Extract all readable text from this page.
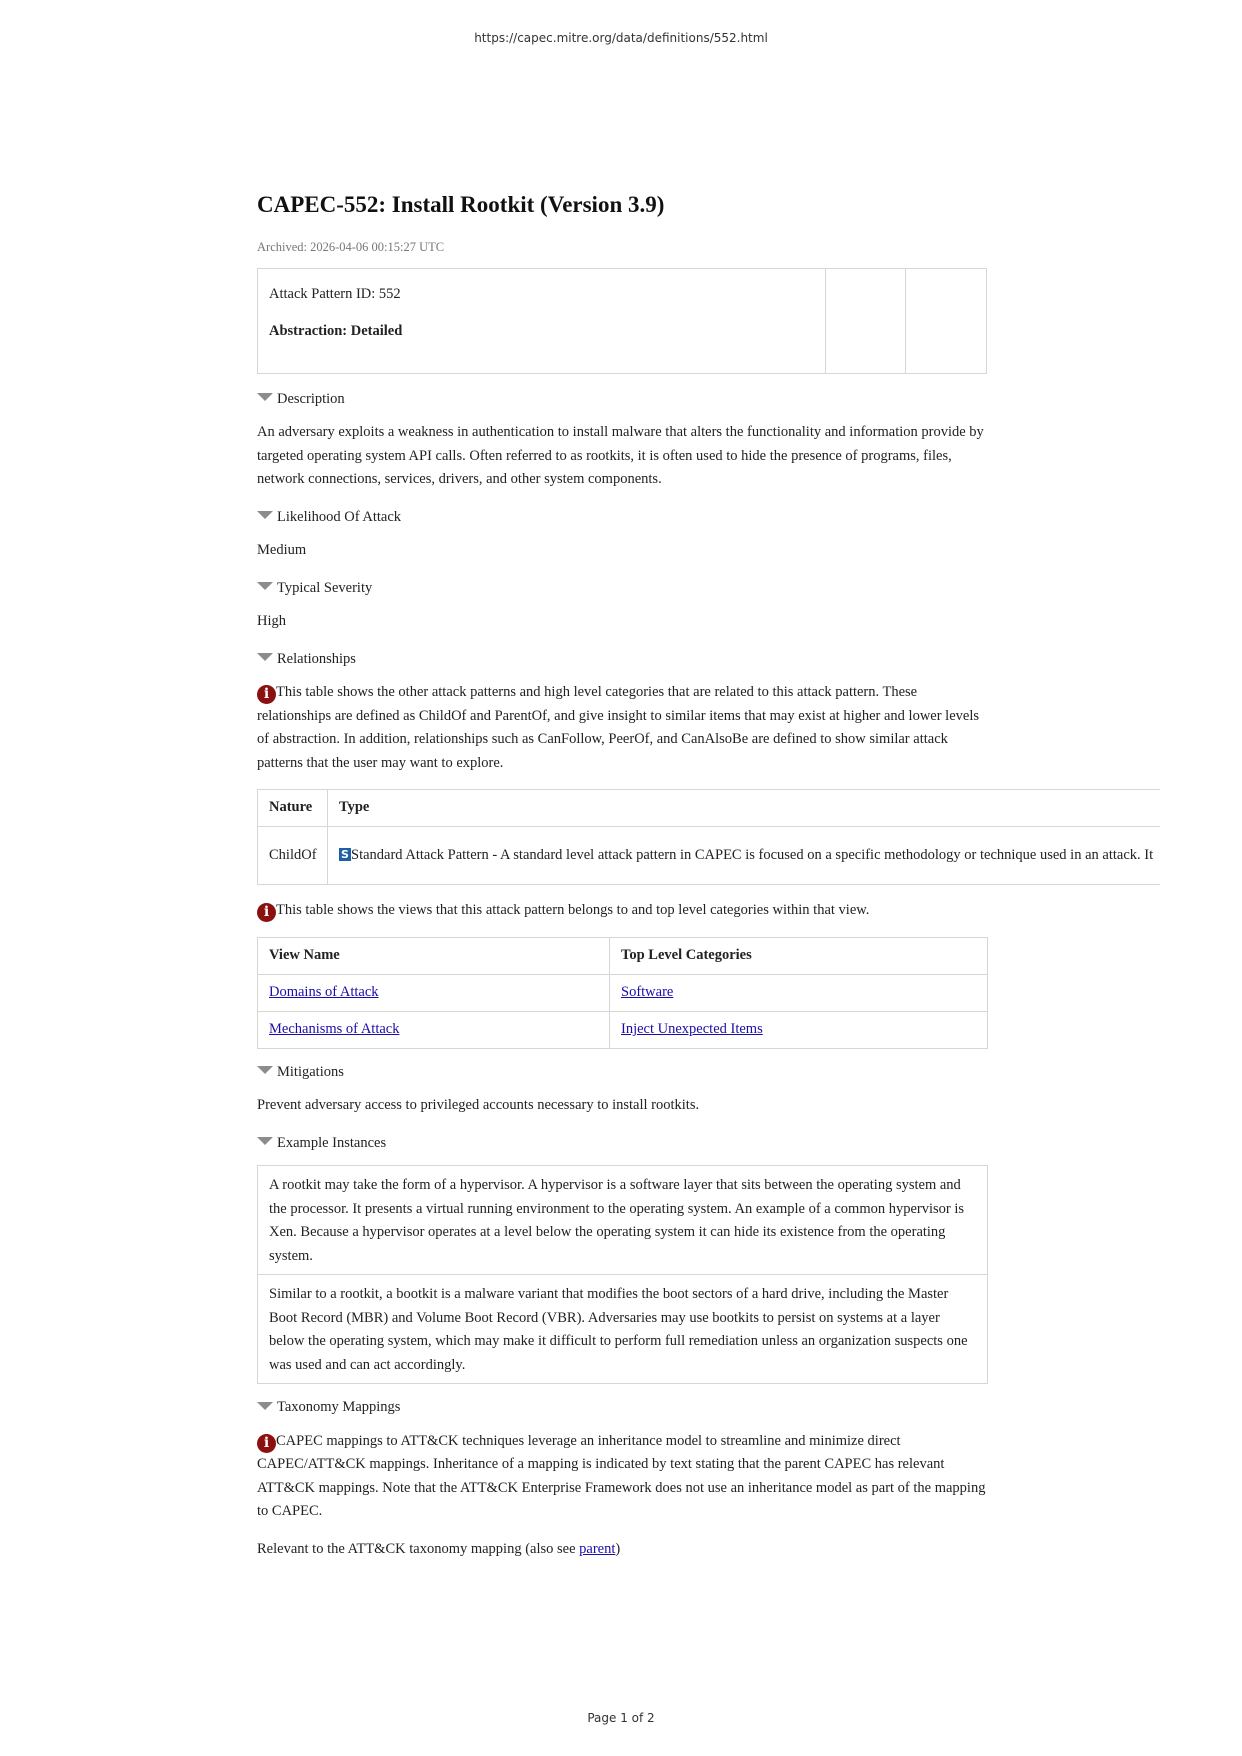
https://capec.mitre.org/data/definitions/552.html
CAPEC-552: Install Rootkit (Version 3.9)
Archived: 2026-04-06 00:15:27 UTC

Attack Pattern ID: 552

Abstraction: Detailed

Description

An adversary exploits a weakness in authentication to install malware that alters the functionality and information provide by targeted operating system API calls. Often referred to as rootkits, it is often used to hide the presence of programs, files, network connections, services, drivers, and other system components.

Likelihood Of Attack

Medium

Typical Severity

High

Relationships

i This table shows the other attack patterns and high level categories that are related to this attack pattern. These relationships are defined as ChildOf and ParentOf, and give insight to similar items that may exist at higher and lower levels of abstraction. In addition, relationships such as CanFollow, PeerOf, and CanAlsoBe are defined to show similar attack patterns that the user may want to explore.

Nature	Type
ChildOf	S Standard Attack Pattern - A standard level attack pattern in CAPEC is focused on a specific methodology or technique used in an attack. It

i This table shows the views that this attack pattern belongs to and top level categories within that view.

View Name	Top Level Categories
Domains of Attack	Software
Mechanisms of Attack	Inject Unexpected Items
Mitigations

Prevent adversary access to privileged accounts necessary to install rootkits.

Example Instances
A rootkit may take the form of a hypervisor. A hypervisor is a software layer that sits between the operating system and the processor. It presents a virtual running environment to the operating system. An example of a common hypervisor is Xen. Because a hypervisor operates at a level below the operating system it can hide its existence from the operating system.
Similar to a rootkit, a bootkit is a malware variant that modifies the boot sectors of a hard drive, including the Master Boot Record (MBR) and Volume Boot Record (VBR). Adversaries may use bootkits to persist on systems at a layer below the operating system, which may make it difficult to perform full remediation unless an organization suspects one was used and can act accordingly.
Taxonomy Mappings

i CAPEC mappings to ATT&CK techniques leverage an inheritance model to streamline and minimize direct CAPEC/ATT&CK mappings. Inheritance of a mapping is indicated by text stating that the parent CAPEC has relevant ATT&CK mappings. Note that the ATT&CK Enterprise Framework does not use an inheritance model as part of the mapping to CAPEC.

Relevant to the ATT&CK taxonomy mapping (also see parent)

Page 1 of 2
